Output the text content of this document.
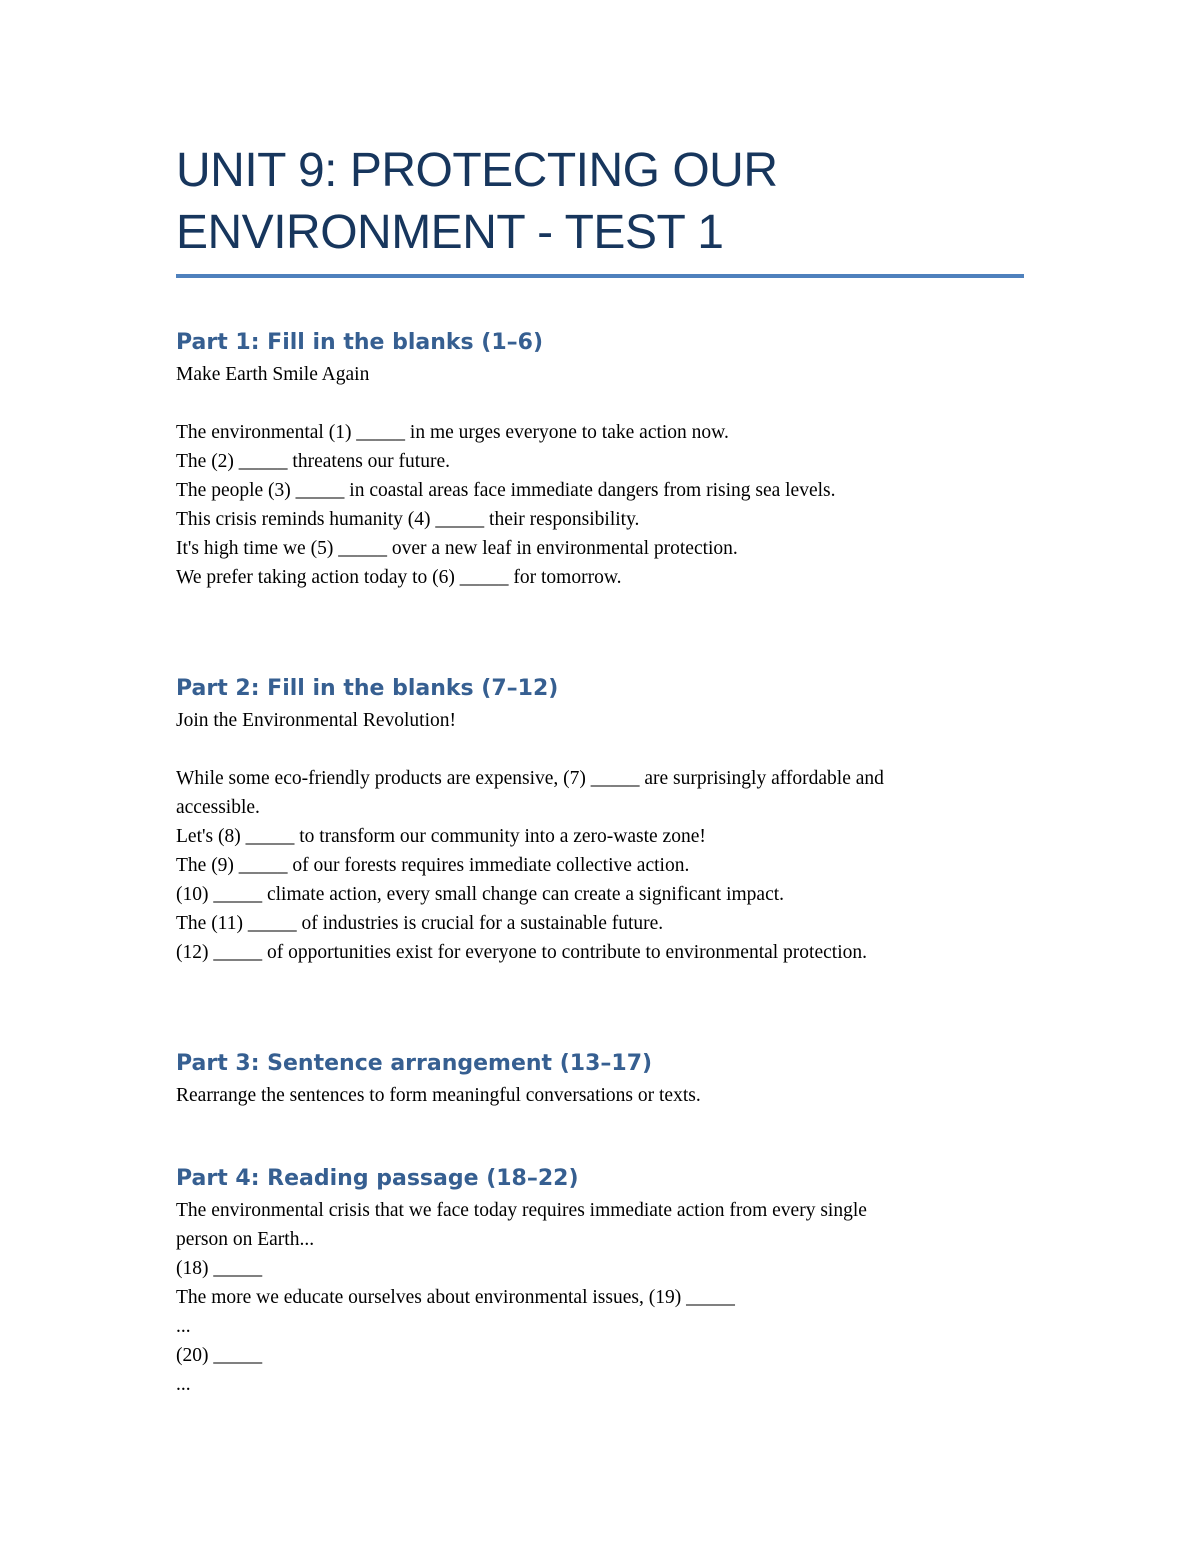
UNIT 9: PROTECTING OUR

ENVIRONMENT - TEST 1

Part 1: Fill in the blanks (1–6)

Make Earth Smile Again

The environmental (1) _____ in me urges everyone to take action now.

The (2) _____ threatens our future.

The people (3) _____ in coastal areas face immediate dangers from rising sea levels.

This crisis reminds humanity (4) _____ their responsibility.

It's high time we (5) _____ over a new leaf in environmental protection.

We prefer taking action today to (6) _____ for tomorrow.

Part 2: Fill in the blanks (7–12)

Join the Environmental Revolution!

While some eco-friendly products are expensive, (7) _____ are surprisingly affordable and

accessible.

Let's (8) _____ to transform our community into a zero-waste zone!

The (9) _____ of our forests requires immediate collective action.

(10) _____ climate action, every small change can create a significant impact.

The (11) _____ of industries is crucial for a sustainable future.

(12) _____ of opportunities exist for everyone to contribute to environmental protection.

Part 3: Sentence arrangement (13–17)

Rearrange the sentences to form meaningful conversations or texts.

Part 4: Reading passage (18–22)

The environmental crisis that we face today requires immediate action from every single

person on Earth...

(18) _____

The more we educate ourselves about environmental issues, (19) _____

...

(20) _____

...
